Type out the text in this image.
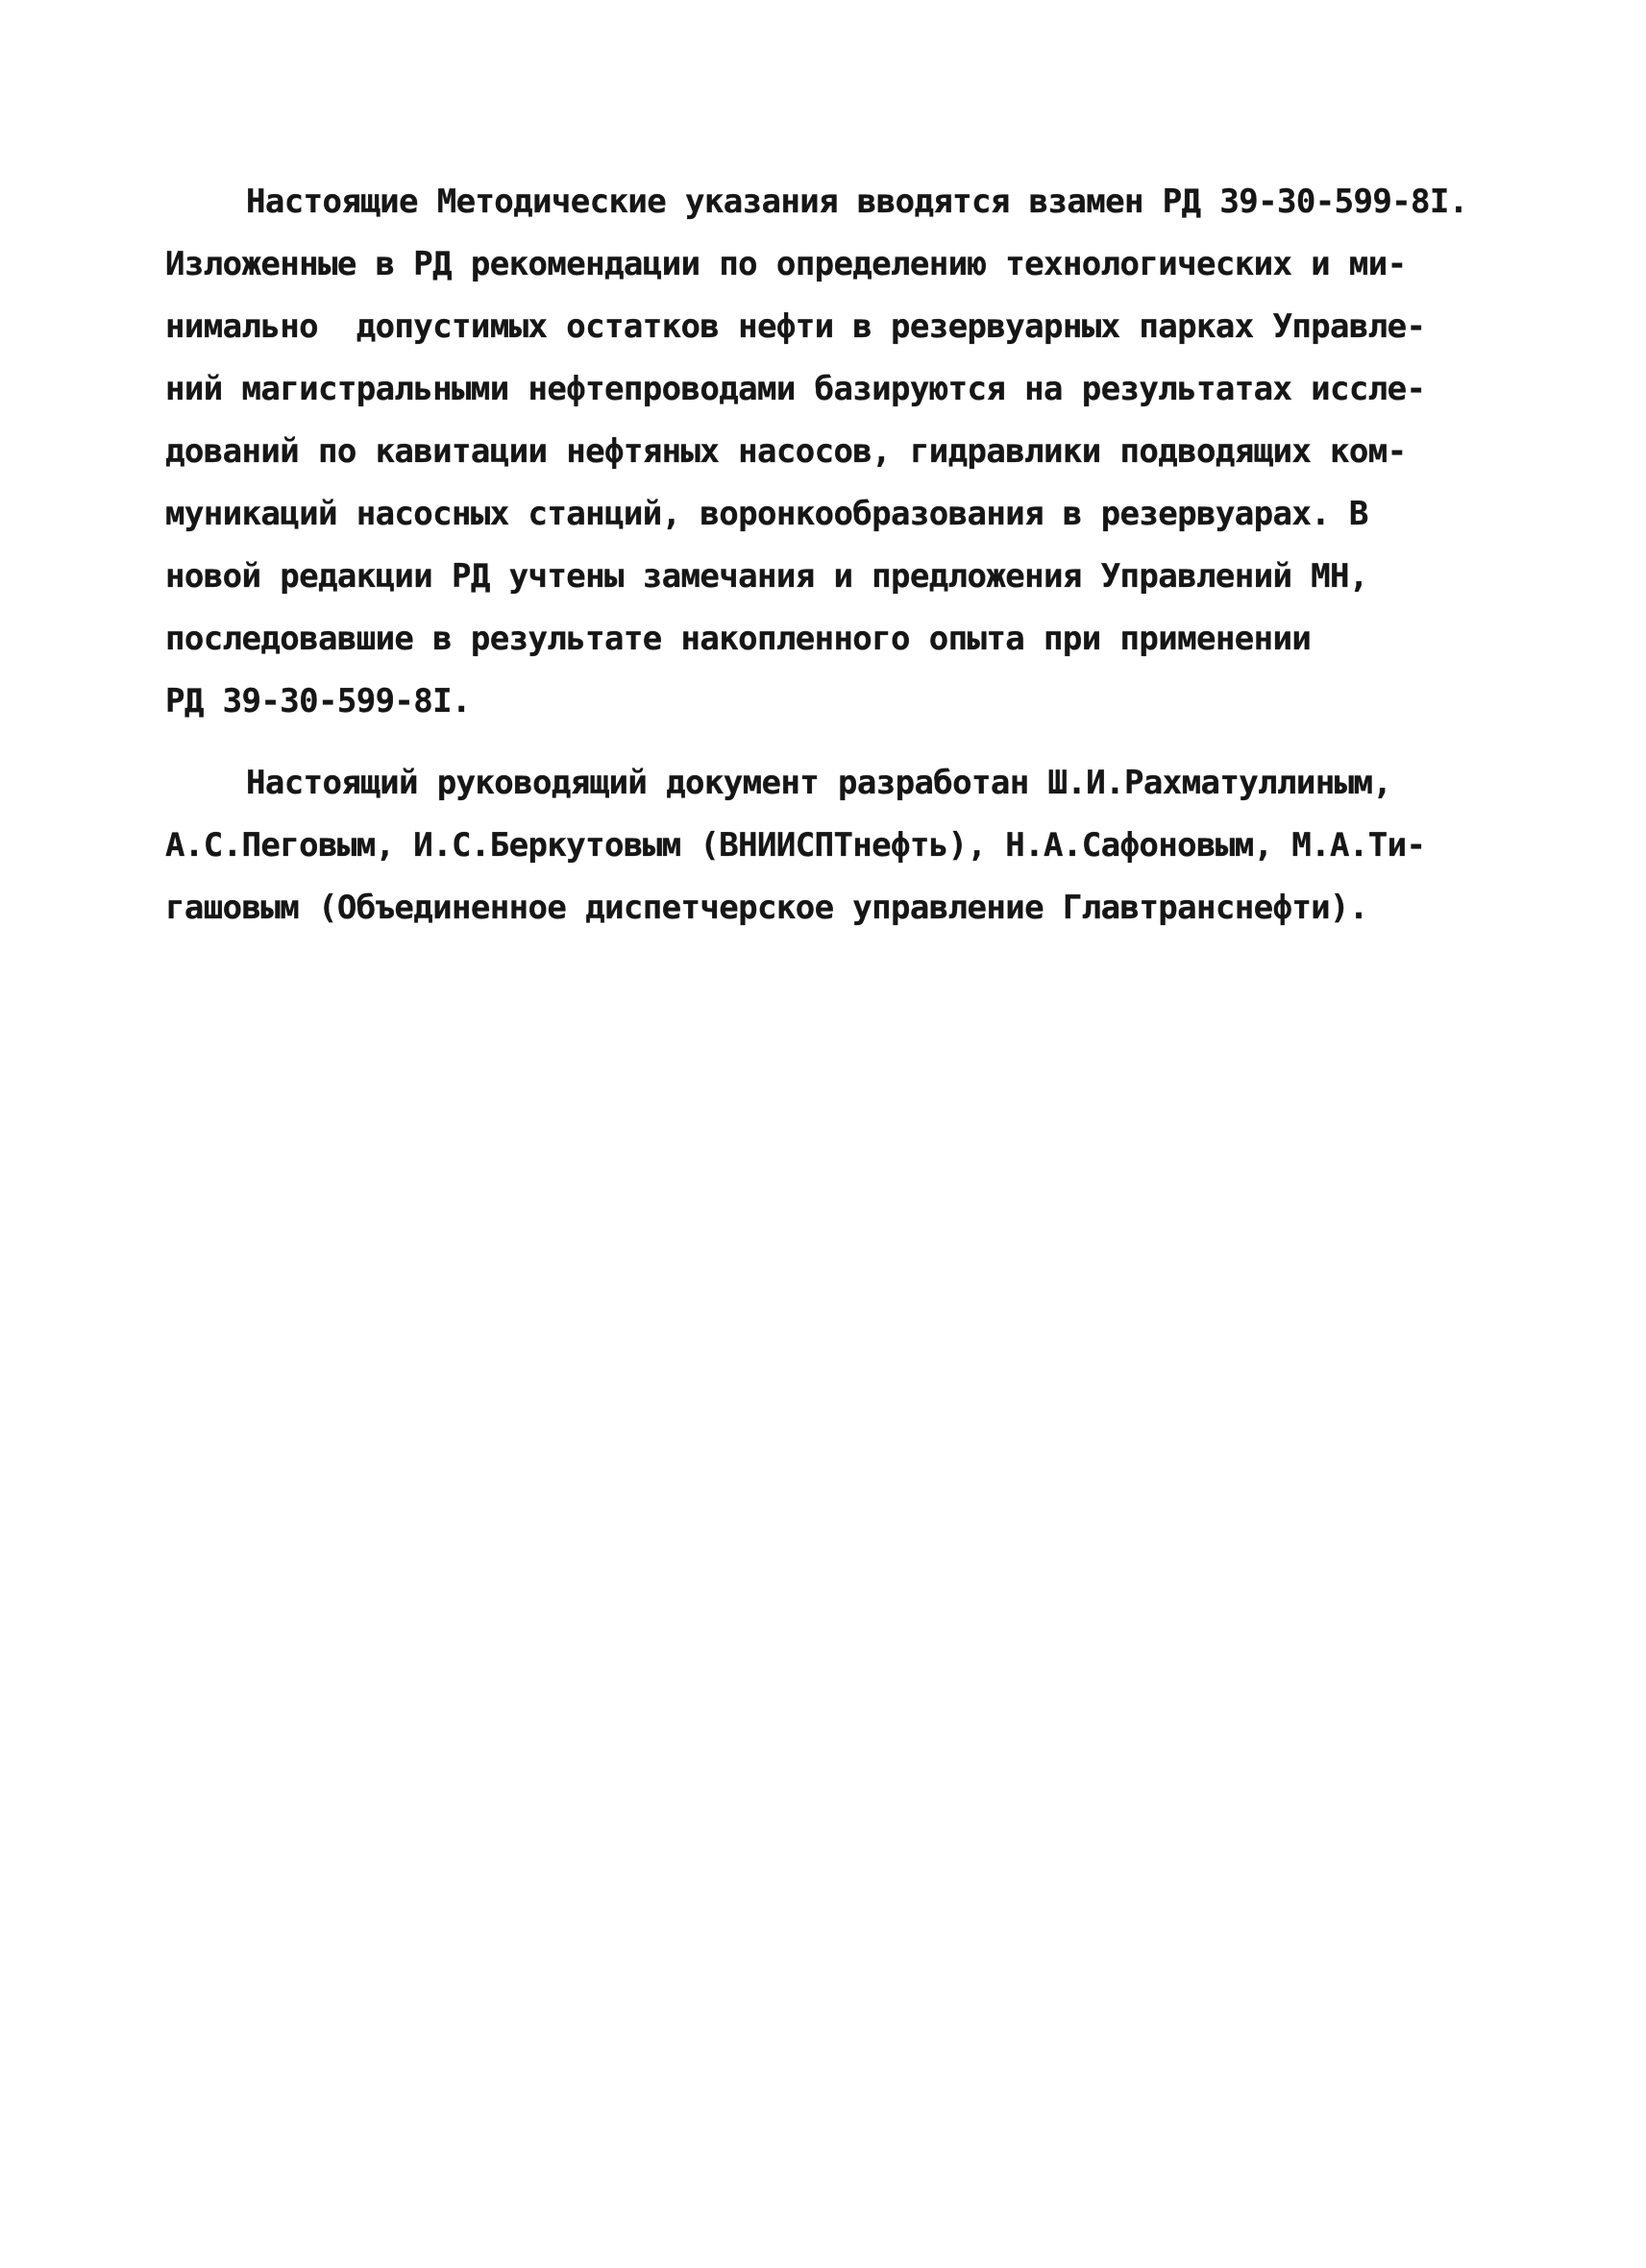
Настоящие Методические указания вводятся взамен РД 39-30-599-8I.
Изложенные в РД рекомендации по определению технологических и ми-
нимально  допустимых остатков нефти в резервуарных парках Управле-
ний магистральными нефтепроводами базируются на результатах иссле-
дований по кавитации нефтяных насосов, гидравлики подводящих ком-
муникаций насосных станций, воронкообразования в резервуарах. В
новой редакции РД учтены замечания и предложения Управлений МН,
последовавшие в результате накопленного опыта при применении
РД 39-30-599-8I.
Настоящий руководящий документ разработан Ш.И.Рахматуллиным,
А.С.Пеговым, И.С.Беркутовым (ВНИИСПТнефть), Н.А.Сафоновым, М.А.Ти-
гашовым (Объединенное диспетчерское управление Главтранснефти).
